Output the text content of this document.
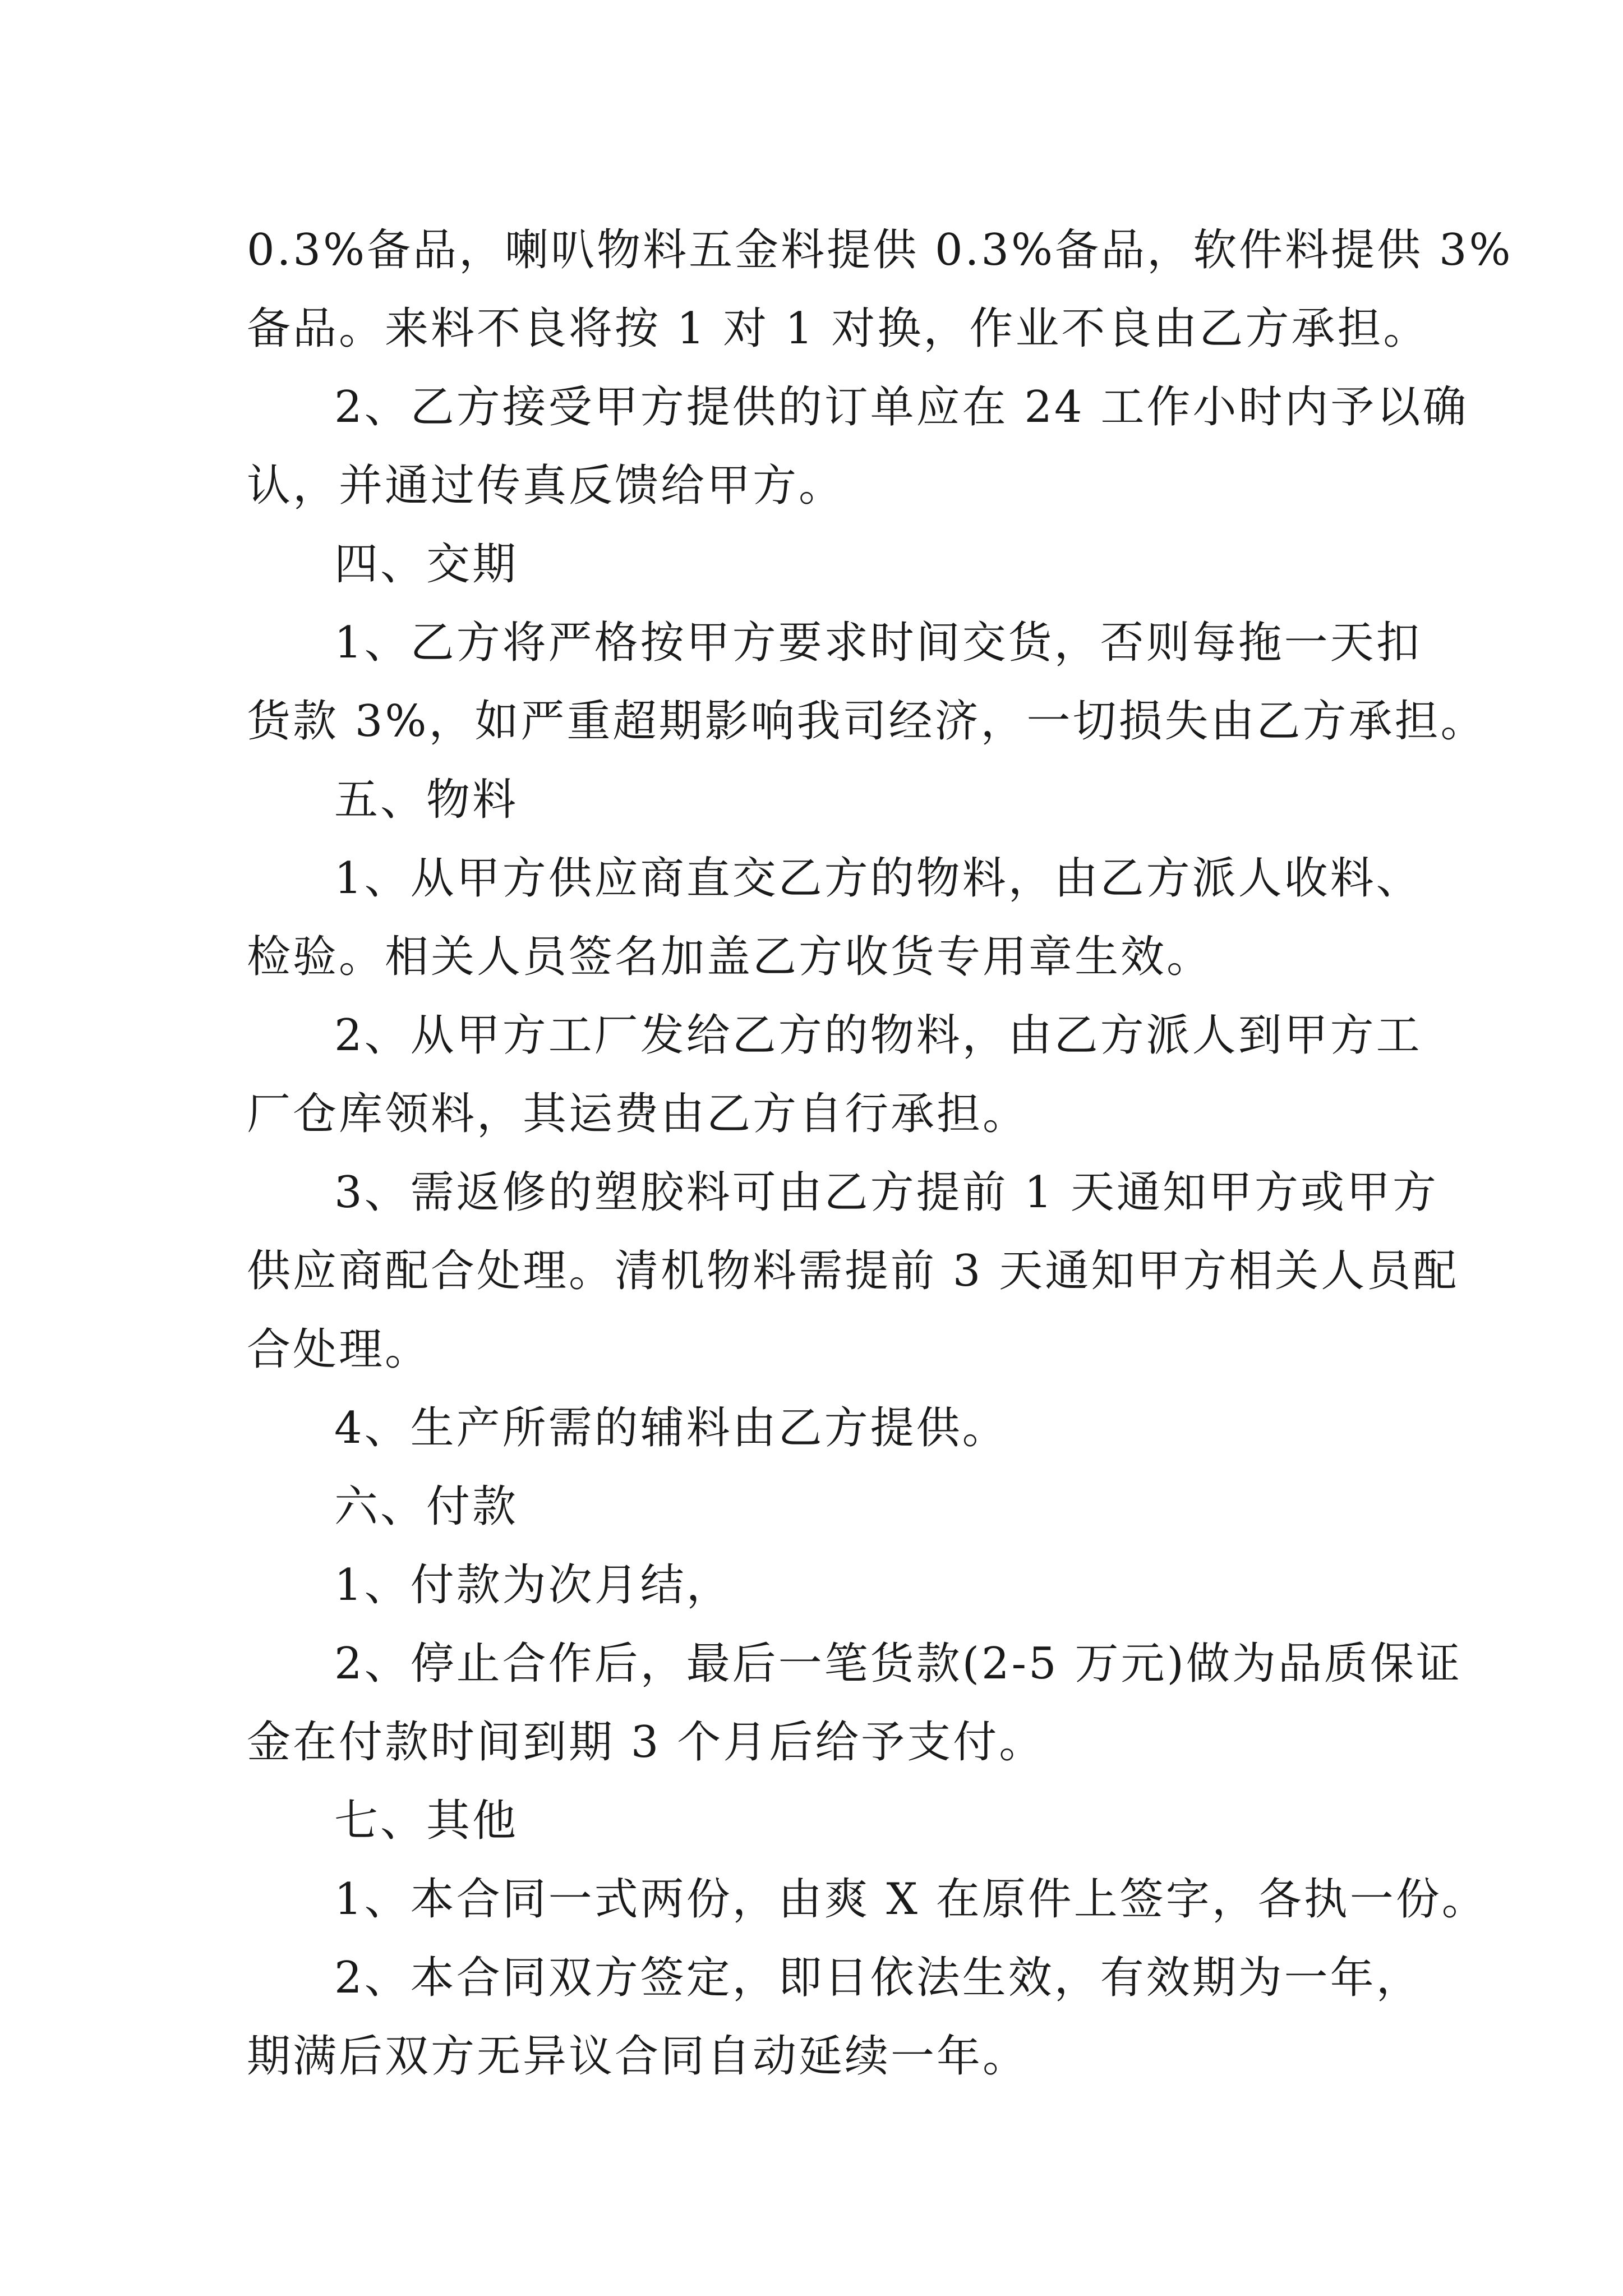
0.3%备品，喇叭物料五金料提供 0.3%备品，软件料提供 3%
备品。来料不良将按 1 对 1 对换，作业不良由乙方承担。
2、乙方接受甲方提供的订单应在 24 工作小时内予以确
认，并通过传真反馈给甲方。
四、交期
1、乙方将严格按甲方要求时间交货，否则每拖一天扣
货款 3%，如严重超期影响我司经济，一切损失由乙方承担。
五、物料
1、从甲方供应商直交乙方的物料，由乙方派人收料、
检验。相关人员签名加盖乙方收货专用章生效。
2、从甲方工厂发给乙方的物料，由乙方派人到甲方工
厂仓库领料，其运费由乙方自行承担。
3、需返修的塑胶料可由乙方提前 1 天通知甲方或甲方
供应商配合处理。清机物料需提前 3 天通知甲方相关人员配
合处理。
4、生产所需的辅料由乙方提供。
六、付款
1、付款为次月结，
2、停止合作后，最后一笔货款(2-5 万元)做为品质保证
金在付款时间到期 3 个月后给予支付。
七、其他
1、本合同一式两份，由爽 X 在原件上签字，各执一份。
2、本合同双方签定，即日依法生效，有效期为一年，
期满后双方无异议合同自动延续一年。
